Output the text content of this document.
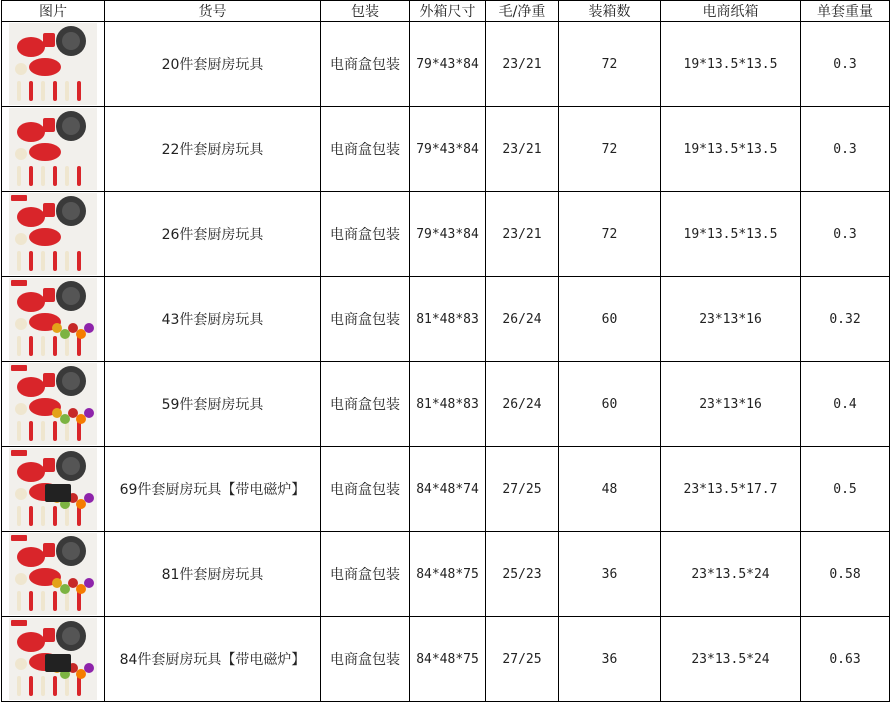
图片	货号	包装	外箱尺寸	毛/净重	装箱数	电商纸箱	单套重量

	20件套厨房玩具	电商盒包装	79*43*84	23/21	72	19*13.5*13.5	0.3

	22件套厨房玩具	电商盒包装	79*43*84	23/21	72	19*13.5*13.5	0.3

	26件套厨房玩具	电商盒包装	79*43*84	23/21	72	19*13.5*13.5	0.3

	43件套厨房玩具	电商盒包装	81*48*83	26/24	60	23*13*16	0.32

	59件套厨房玩具	电商盒包装	81*48*83	26/24	60	23*13*16	0.4

	69件套厨房玩具【带电磁炉】	电商盒包装	84*48*74	27/25	48	23*13.5*17.7	0.5

	81件套厨房玩具	电商盒包装	84*48*75	25/23	36	23*13.5*24	0.58

	84件套厨房玩具【带电磁炉】	电商盒包装	84*48*75	27/25	36	23*13.5*24	0.63
